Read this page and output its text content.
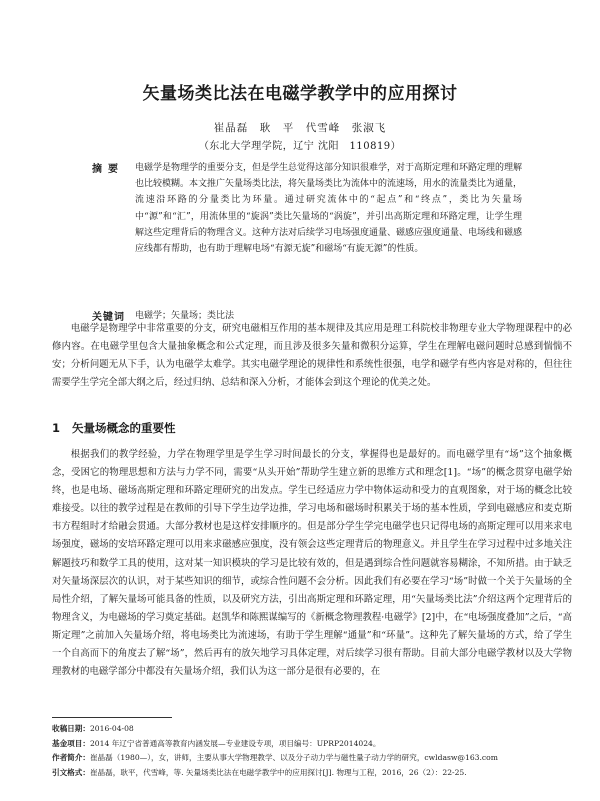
矢量场类比法在电磁学教学中的应用探讨
崔晶磊　耿　平　代雪峰　张淑飞
（东北大学理学院，辽宁 沈阳　110819）
摘要 电磁学是物理学的重要分支，但是学生总觉得这部分知识很难学，对于高斯定理和环路定理的理解也比较模糊。本文推广矢量场类比法，将矢量场类比为流体中的流速场，用水的流量类比为通量，流速沿环路的分量类比为环量。通过研究流体中的“起点”和“终点”，类比为矢量场中“源”和“汇”，用流体里的“旋涡”类比矢量场的“涡旋”，并引出高斯定理和环路定理，让学生理解这些定理背后的物理含义。这种方法对后续学习电场强度通量、磁感应强度通量、电场线和磁感应线都有帮助，也有助于理解电场“有源无旋”和磁场“有旋无源”的性质。
关键词 电磁学；矢量场；类比法
电磁学是物理学中非常重要的分支，研究电磁相互作用的基本规律及其应用是理工科院校非物理专业大学物理课程中的必修内容。在电磁学里包含大量抽象概念和公式定理，而且涉及很多矢量和微积分运算，学生在理解电磁问题时总感到惴惴不安；分析问题无从下手，认为电磁学太难学。其实电磁学理论的规律性和系统性很强，电学和磁学有些内容是对称的，但往往需要学生学完全部大纲之后，经过归纳、总结和深入分析，才能体会到这个理论的优美之处。
1 矢量场概念的重要性
根据我们的教学经验，力学在物理学里是学生学习时间最长的分支，掌握得也是最好的。而电磁学里有“场”这个抽象概念，受困它的物理思想和方法与力学不同，需要“从头开始”帮助学生建立新的思维方式和理念[1]。“场”的概念贯穿电磁学始终，也是电场、磁场高斯定理和环路定理研究的出发点。学生已经适应力学中物体运动和受力的直观图象，对于场的概念比较难接受。以往的教学过程是在教师的引导下学生边学边推，学习电场和磁场时积累关于场的基本性质，学到电磁感应和麦克斯韦方程组时才给融会贯通。大部分教材也是这样安排顺序的。但是部分学生学完电磁学也只记得电场的高斯定理可以用来求电场强度，磁场的安培环路定理可以用来求磁感应强度，没有领会这些定理背后的物理意义。并且学生在学习过程中过多地关注解题技巧和数学工具的使用，这对某一知识模块的学习是比较有效的，但是遇到综合性问题就容易糊涂，不知所措。由于缺乏对矢量场深层次的认识，对于某些知识的细节，或综合性问题不会分析。因此我们有必要在学习“场”时做一个关于矢量场的全局性介绍，了解矢量场可能具备的性质，以及研究方法，引出高斯定理和环路定理，用“矢量场类比法”介绍这两个定理背后的物理含义，为电磁场的学习奠定基础。赵凯华和陈熙谋编写的《新概念物理教程·电磁学》[2]中，在“电场强度叠加”之后，“高斯定理”之前加入矢量场介绍，将电场类比为流速场，有助于学生理解“通量”和“环量”。这种先了解矢量场的方式，给了学生一个自高而下的角度去了解“场”，然后再有的放矢地学习具体定理，对后续学习很有帮助。目前大部分电磁学教材以及大学物理教材的电磁学部分中都没有矢量场介绍，我们认为这一部分是很有必要的，在
收稿日期：2016-04-08
基金项目：2014 年辽宁省普通高等教育内涵发展—专业建设专项，项目编号：UPRP2014024。
作者简介：崔晶磊（1980—），女，讲师，主要从事大学物理教学、以及分子动力学与磁性量子动力学的研究，cwldasw@163.com
引文格式：崔晶磊，耿平，代雪峰，等. 矢量场类比法在电磁学教学中的应用探讨[J]. 物理与工程，2016，26（2）：22-25.
